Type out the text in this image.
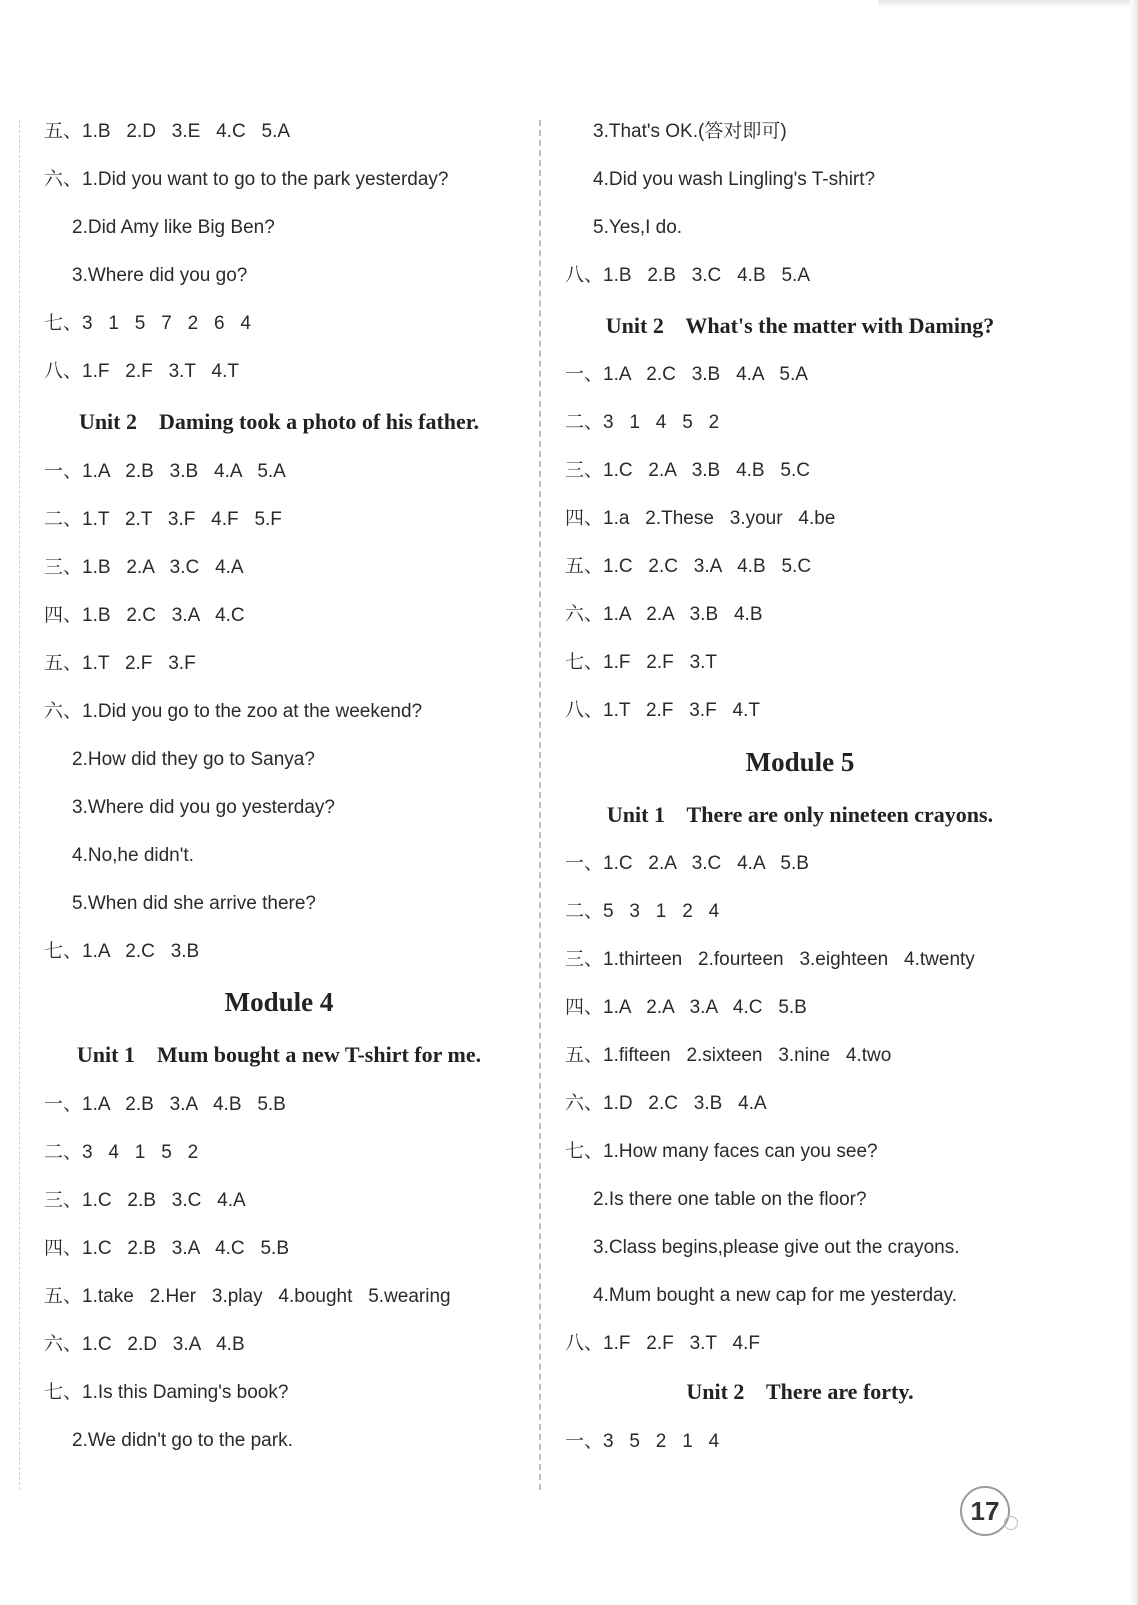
五、1.B   2.D   3.E   4.C   5.A
六、1.Did you want to go to the park yesterday?
2.Did Amy like Big Ben?
3.Where did you go?
七、3   1   5   7   2   6   4
八、1.F   2.F   3.T   4.T
Unit 2    Daming took a photo of his father.
一、1.A   2.B   3.B   4.A   5.A
二、1.T   2.T   3.F   4.F   5.F
三、1.B   2.A   3.C   4.A
四、1.B   2.C   3.A   4.C
五、1.T   2.F   3.F
六、1.Did you go to the zoo at the weekend?
2.How did they go to Sanya?
3.Where did you go yesterday?
4.No,he didn't.
5.When did she arrive there?
七、1.A   2.C   3.B
Module 4
Unit 1    Mum bought a new T-shirt for me.
一、1.A   2.B   3.A   4.B   5.B
二、3   4   1   5   2
三、1.C   2.B   3.C   4.A
四、1.C   2.B   3.A   4.C   5.B
五、1.take   2.Her   3.play   4.bought   5.wearing
六、1.C   2.D   3.A   4.B
七、1.Is this Daming's book?
2.We didn't go to the park.
3.That's OK.(答对即可)
4.Did you wash Lingling's T-shirt?
5.Yes,I do.
八、1.B   2.B   3.C   4.B   5.A
Unit 2    What's the matter with Daming?
一、1.A   2.C   3.B   4.A   5.A
二、3   1   4   5   2
三、1.C   2.A   3.B   4.B   5.C
四、1.a   2.These   3.your   4.be
五、1.C   2.C   3.A   4.B   5.C
六、1.A   2.A   3.B   4.B
七、1.F   2.F   3.T
八、1.T   2.F   3.F   4.T
Module 5
Unit 1    There are only nineteen crayons.
一、1.C   2.A   3.C   4.A   5.B
二、5   3   1   2   4
三、1.thirteen   2.fourteen   3.eighteen   4.twenty
四、1.A   2.A   3.A   4.C   5.B
五、1.fifteen   2.sixteen   3.nine   4.two
六、1.D   2.C   3.B   4.A
七、1.How many faces can you see?
2.Is there one table on the floor?
3.Class begins,please give out the crayons.
4.Mum bought a new cap for me yesterday.
八、1.F   2.F   3.T   4.F
Unit 2    There are forty.
一、3   5   2   1   4
17
